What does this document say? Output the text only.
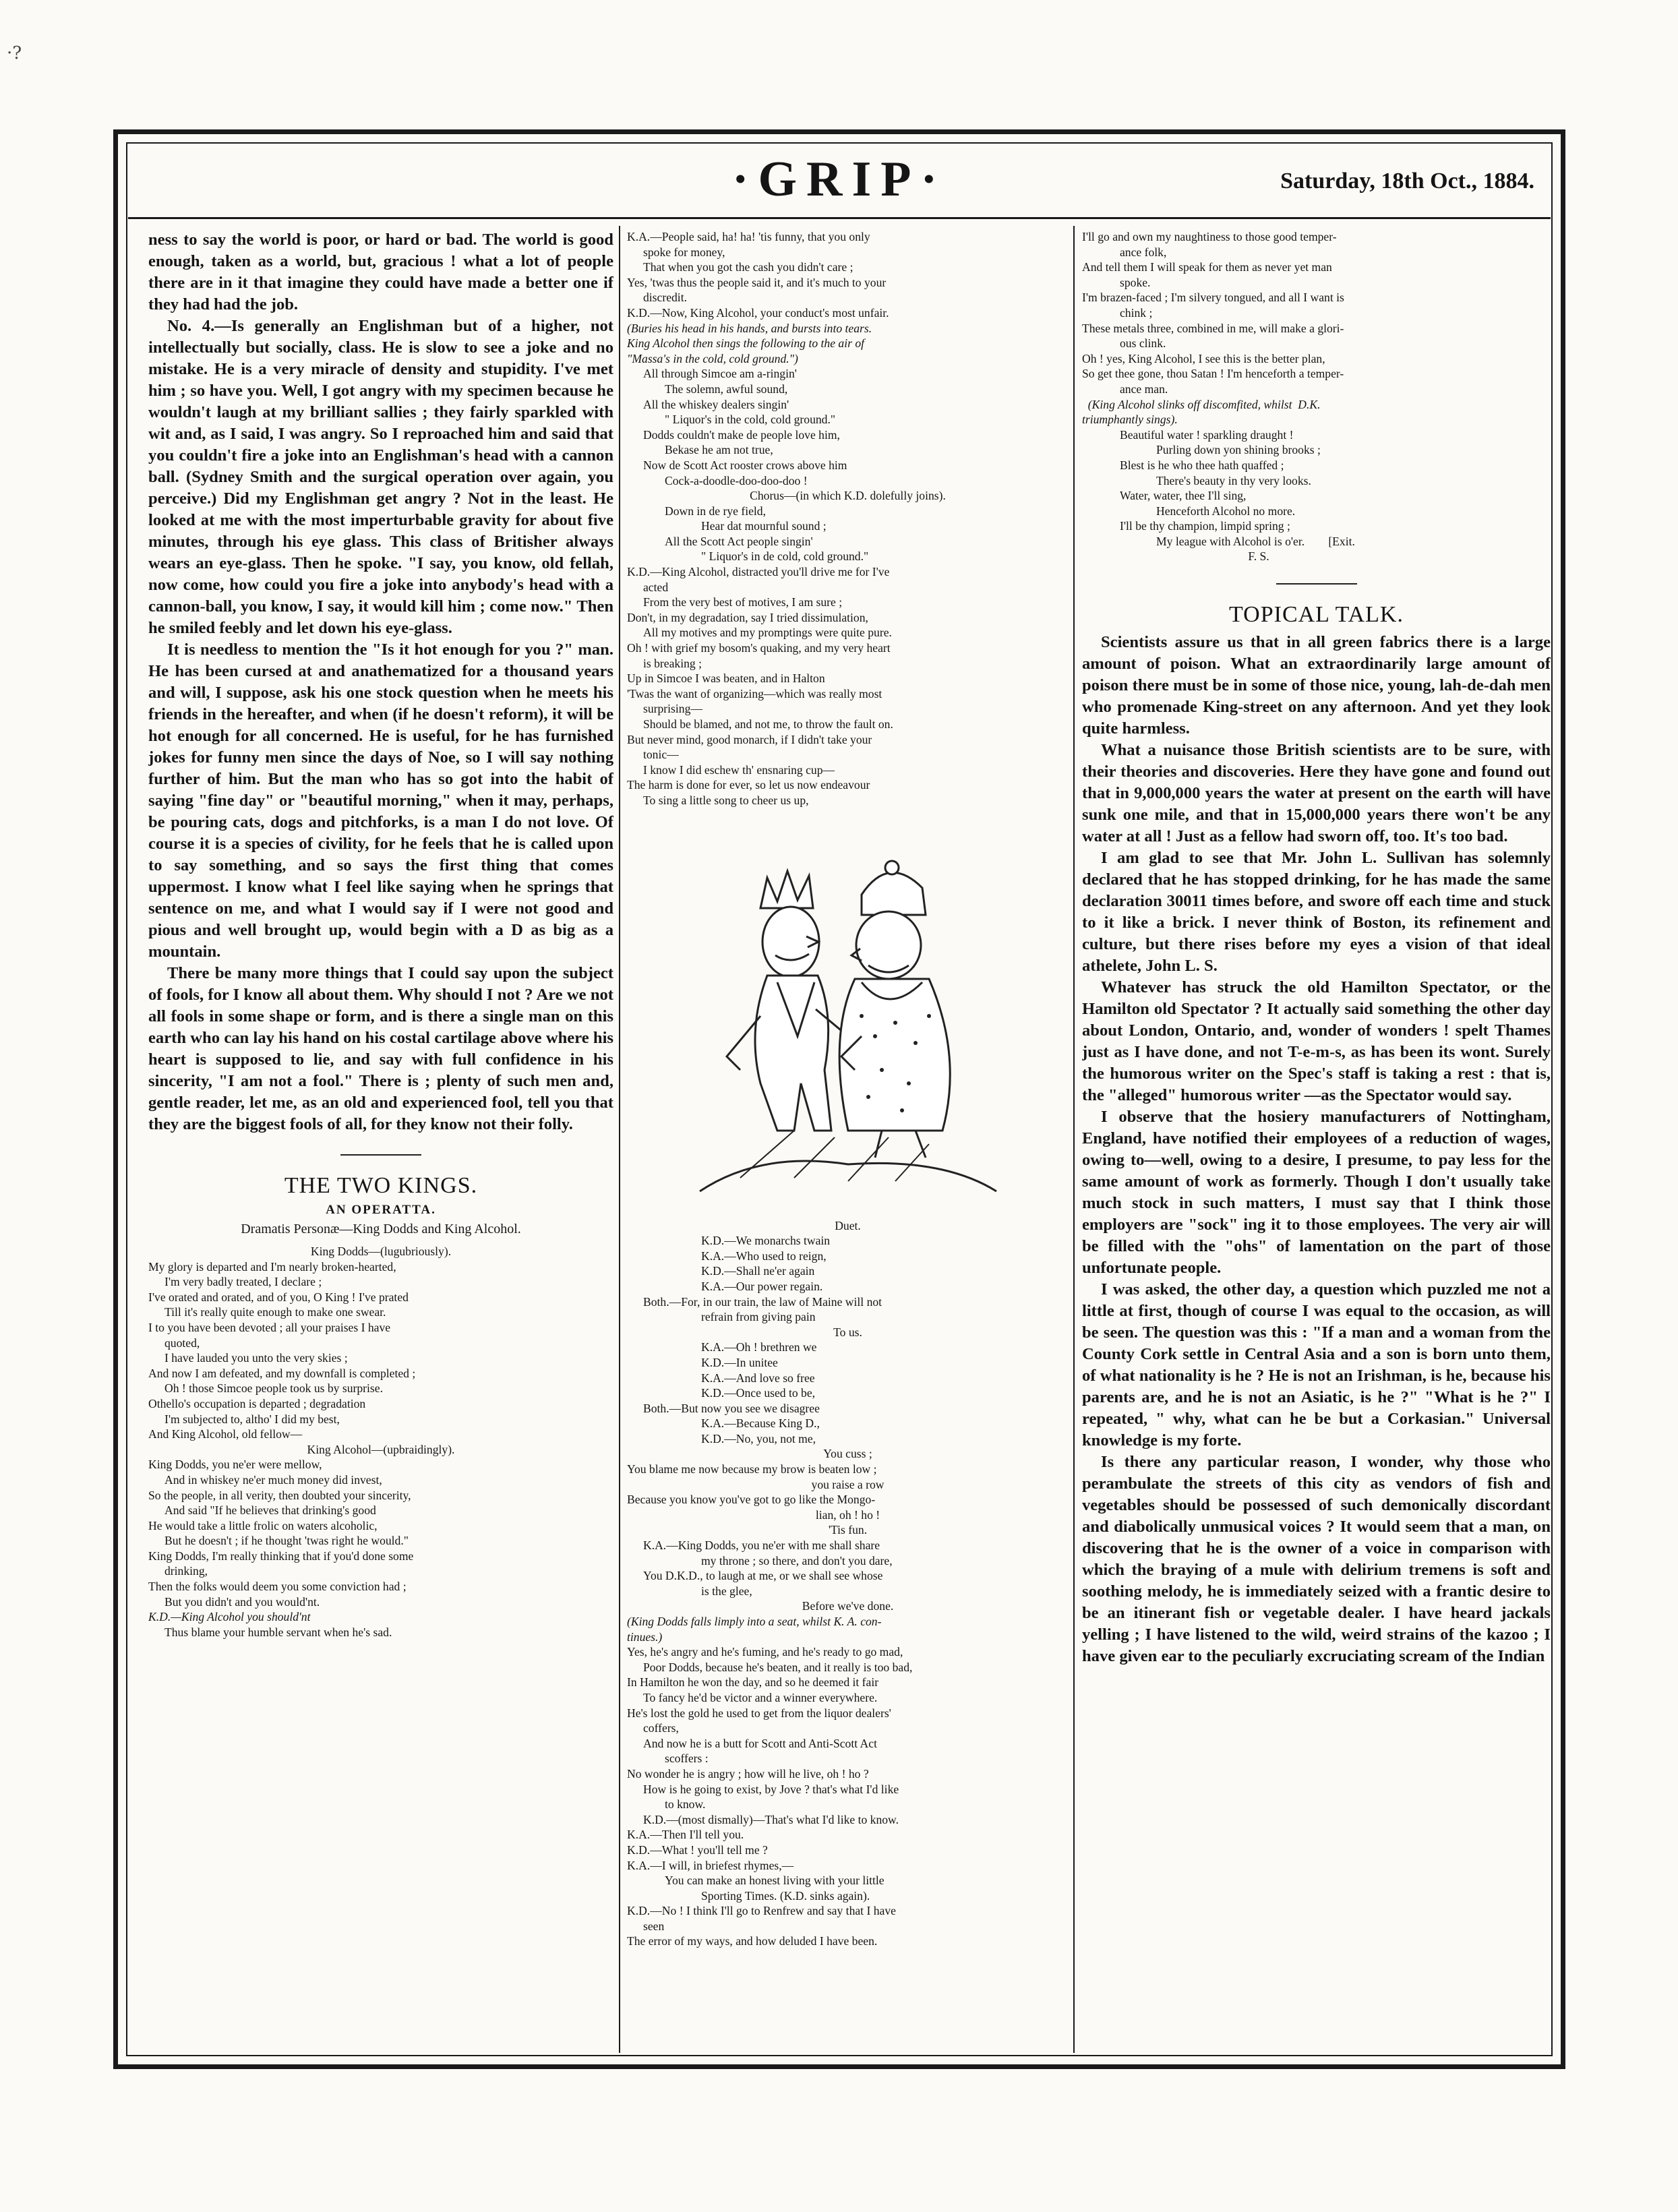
·?
·GRIP·	Saturday, 18th Oct., 1884.

ness to say the world is poor, or hard or bad. The world is good enough, taken as a world, but, gracious ! what a lot of people there are in it that imagine they could have made a better one if they had had the job.

No. 4.—Is generally an Englishman but of a higher, not intellectually but socially, class. He is slow to see a joke and no mistake. He is a very miracle of density and stupidity. I've met him ; so have you. Well, I got angry with my specimen because he wouldn't laugh at my brilliant sallies ; they fairly sparkled with wit and, as I said, I was angry. So I reproached him and said that you couldn't fire a joke into an Englishman's head with a cannon ball. (Sydney Smith and the surgical operation over again, you perceive.) Did my Englishman get angry ? Not in the least. He looked at me with the most imperturbable gravity for about five minutes, through his eye glass. This class of Britisher always wears an eye-glass. Then he spoke. "I say, you know, old fellah, now come, how could you fire a joke into anybody's head with a cannon-ball, you know, I say, it would kill him ; come now." Then he smiled feebly and let down his eye-glass.

It is needless to mention the "Is it hot enough for you ?" man. He has been cursed at and anathematized for a thousand years and will, I suppose, ask his one stock question when he meets his friends in the hereafter, and when (if he doesn't reform), it will be hot enough for all concerned. He is useful, for he has furnished jokes for funny men since the days of Noe, so I will say nothing further of him. But the man who has so got into the habit of saying "fine day" or "beautiful morning," when it may, perhaps, be pouring cats, dogs and pitchforks, is a man I do not love. Of course it is a species of civility, for he feels that he is called upon to say something, and so says the first thing that comes uppermost. I know what I feel like saying when he springs that sentence on me, and what I would say if I were not good and pious and well brought up, would begin with a D as big as a mountain.

There be many more things that I could say upon the subject of fools, for I know all about them. Why should I not ? Are we not all fools in some shape or form, and is there a single man on this earth who can lay his hand on his costal cartilage above where his heart is supposed to lie, and say with full confidence in his sincerity, "I am not a fool." There is ; plenty of such men and, gentle reader, let me, as an old and experienced fool, tell you that they are the biggest fools of all, for they know not their folly.

THE TWO KINGS.
AN OPERATTA.
Dramatis Personæ—King Dodds and King Alcohol.
King Dodds—(lugubriously).
My glory is departed and I'm nearly broken-hearted,
I'm very badly treated, I declare ;
I've orated and orated, and of you, O King ! I've prated
Till it's really quite enough to make one swear.
I to you have been devoted ; all your praises I have
quoted,
I have lauded you unto the very skies ;
And now I am defeated, and my downfall is completed ;
Oh ! those Simcoe people took us by surprise.
Othello's occupation is departed ; degradation
I'm subjected to, altho' I did my best,
And King Alcohol, old fellow—
King Alcohol—(upbraidingly).
King Dodds, you ne'er were mellow,
And in whiskey ne'er much money did invest,
So the people, in all verity, then doubted your sincerity,
And said "If he believes that drinking's good
He would take a little frolic on waters alcoholic,
But he doesn't ; if he thought 'twas right he would."
King Dodds, I'm really thinking that if you'd done some
drinking,
Then the folks would deem you some conviction had ;
But you didn't and you would'nt.
K.D.—King Alcohol you should'nt
Thus blame your humble servant when he's sad.
K.A.—People said, ha! ha! 'tis funny, that you only
spoke for money,
That when you got the cash you didn't care ;
Yes, 'twas thus the people said it, and it's much to your
discredit.
K.D.—Now, King Alcohol, your conduct's most unfair.
(Buries his head in his hands, and bursts into tears.
King Alcohol then sings the following to the air of
"Massa's in the cold, cold ground.")
All through Simcoe am a-ringin'
The solemn, awful sound,
All the whiskey dealers singin'
" Liquor's in the cold, cold ground."
Dodds couldn't make de people love him,
Bekase he am not true,
Now de Scott Act rooster crows above him
Cock-a-doodle-doo-doo-doo !
Chorus—(in which K.D. dolefully joins).
Down in de rye field,
Hear dat mournful sound ;
All the Scott Act people singin'
" Liquor's in de cold, cold ground."
K.D.—King Alcohol, distracted you'll drive me for I've
acted
From the very best of motives, I am sure ;
Don't, in my degradation, say I tried dissimulation,
All my motives and my promptings were quite pure.
Oh ! with grief my bosom's quaking, and my very heart
is breaking ;
Up in Simcoe I was beaten, and in Halton
'Twas the want of organizing—which was really most
surprising—
Should be blamed, and not me, to throw the fault on.
But never mind, good monarch, if I didn't take your
tonic—
I know I did eschew th' ensnaring cup—
The harm is done for ever, so let us now endeavour
To sing a little song to cheer us up,
Duet.
K.D.—We monarchs twain
K.A.—Who used to reign,
K.D.—Shall ne'er again
K.A.—Our power regain.
Both.—For, in our train, the law of Maine will not
refrain from giving pain
To us.
K.A.—Oh ! brethren we
K.D.—In unitee
K.A.—And love so free
K.D.—Once used to be,
Both.—But now you see we disagree
K.A.—Because King D.,
K.D.—No, you, not me,
You cuss ;
You blame me now because my brow is beaten low ;
you raise a row
Because you know you've got to go like the Mongo-
lian, oh ! ho !
'Tis fun.
K.A.—King Dodds, you ne'er with me shall share
my throne ; so there, and don't you dare,
You D.K.D., to laugh at me, or we shall see whose
is the glee,
Before we've done.
(King Dodds falls limply into a seat, whilst K. A. con-
tinues.)
Yes, he's angry and he's fuming, and he's ready to go mad,
Poor Dodds, because he's beaten, and it really is too bad,
In Hamilton he won the day, and so he deemed it fair
To fancy he'd be victor and a winner everywhere.
He's lost the gold he used to get from the liquor dealers'
coffers,
And now he is a butt for Scott and Anti-Scott Act
scoffers :
No wonder he is angry ; how will he live, oh ! ho ?
How is he going to exist, by Jove ? that's what I'd like
to know.
K.D.—(most dismally)—That's what I'd like to know.
K.A.—Then I'll tell you.
K.D.—What ! you'll tell me ?
K.A.—I will, in briefest rhymes,—
You can make an honest living with your little
Sporting Times. (K.D. sinks again).
K.D.—No ! I think I'll go to Renfrew and say that I have
seen
The error of my ways, and how deluded I have been.
I'll go and own my naughtiness to those good temper-
ance folk,
And tell them I will speak for them as never yet man
spoke.
I'm brazen-faced ; I'm silvery tongued, and all I want is
chink ;
These metals three, combined in me, will make a glori-
ous clink.
Oh ! yes, King Alcohol, I see this is the better plan,
So get thee gone, thou Satan ! I'm henceforth a temper-
ance man.
(King Alcohol slinks off discomfited, whilst  D.K.
triumphantly sings).
Beautiful water ! sparkling draught !
Purling down yon shining brooks ;
Blest is he who thee hath quaffed ;
There's beauty in thy very looks.
Water, water, thee I'll sing,
Henceforth Alcohol no more.
I'll be thy champion, limpid spring ;
My league with Alcohol is o'er.        [Exit.
F. S.
TOPICAL TALK.

Scientists assure us that in all green fabrics there is a large amount of poison. What an extraordinarily large amount of poison there must be in some of those nice, young, lah-de-dah men who promenade King-street on any afternoon. And yet they look quite harmless.

What a nuisance those British scientists are to be sure, with their theories and discoveries. Here they have gone and found out that in 9,000,000 years the water at present on the earth will have sunk one mile, and that in 15,000,000 years there won't be any water at all ! Just as a fellow had sworn off, too. It's too bad.

I am glad to see that Mr. John L. Sullivan has solemnly declared that he has stopped drinking, for he has made the same declaration 30011 times before, and swore off each time and stuck to it like a brick. I never think of Boston, its refinement and culture, but there rises before my eyes a vision of that ideal athelete, John L. S.

Whatever has struck the old Hamilton Spectator, or the Hamilton old Spectator ? It actually said something the other day about London, Ontario, and, wonder of wonders ! spelt Thames just as I have done, and not T-e-m-s, as has been its wont. Surely the humorous writer on the Spec's staff is taking a rest : that is, the "alleged" humorous writer —as the Spectator would say.

I observe that the hosiery manufacturers of Nottingham, England, have notified their employees of a reduction of wages, owing to—well, owing to a desire, I presume, to pay less for the same amount of work as formerly. Though I don't usually take much stock in such matters, I must say that I think those employers are "sock" ing it to those employees. The very air will be filled with the "ohs" of lamentation on the part of those unfortunate people.

I was asked, the other day, a question which puzzled me not a little at first, though of course I was equal to the occasion, as will be seen. The question was this : "If a man and a woman from the County Cork settle in Central Asia and a son is born unto them, of what nationality is he ? He is not an Irishman, is he, because his parents are, and he is not an Asiatic, is he ?" "What is he ?" I repeated, " why, what can he be but a Corkasian." Universal knowledge is my forte.

Is there any particular reason, I wonder, why those who perambulate the streets of this city as vendors of fish and vegetables should be possessed of such demonically discordant and diabolically unmusical voices ? It would seem that a man, on discovering that he is the owner of a voice in comparison with which the braying of a mule with delirium tremens is soft and soothing melody, he is immediately seized with a frantic desire to be an itinerant fish or vegetable dealer. I have heard jackals yelling ; I have listened to the wild, weird strains of the kazoo ; I have given ear to the peculiarly excruciating scream of the Indian
